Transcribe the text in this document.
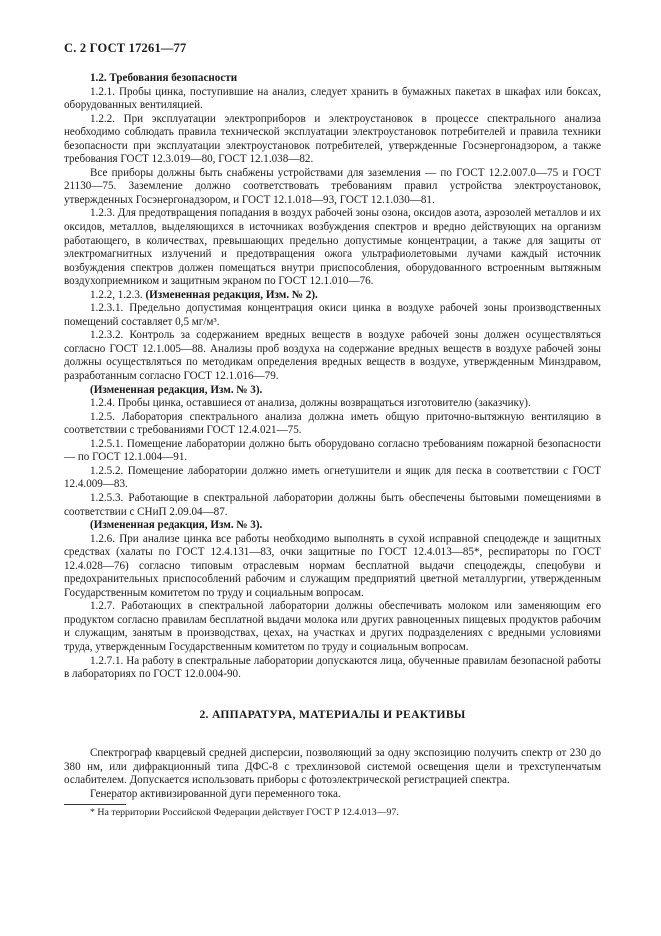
С. 2 ГОСТ 17261—77

1.2. Требования безопасности

1.2.1. Пробы цинка, поступившие на анализ, следует хранить в бумажных пакетах в шкафах или боксах, оборудованных вентиляцией.

1.2.2. При эксплуатации электроприборов и электроустановок в процессе спектрального анализа необходимо соблюдать правила технической эксплуатации электроустановок потребителей и правила техники безопасности при эксплуатации электроустановок потребителей, утвержденные Госэнергонадзором, а также требования ГОСТ 12.3.019—80, ГОСТ 12.1.038—82.

Все приборы должны быть снабжены устройствами для заземления — по ГОСТ 12.2.007.0—75 и ГОСТ 21130—75. Заземление должно соответствовать требованиям правил устройства электроустановок, утвержденных Госэнергонадзором, и ГОСТ 12.1.018—93, ГОСТ 12.1.030—81.

1.2.3. Для предотвращения попадания в воздух рабочей зоны озона, оксидов азота, аэрозолей металлов и их оксидов, металлов, выделяющихся в источниках возбуждения спектров и вредно действующих на организм работающего, в количествах, превышающих предельно допустимые концентрации, а также для защиты от электромагнитных излучений и предотвращения ожога ультрафиолетовыми лучами каждый источник возбуждения спектров должен помещаться внутри приспособления, оборудованного встроенным вытяжным воздухоприемником и защитным экраном по ГОСТ 12.1.010—76.

1.2.2, 1.2.3. (Измененная редакция, Изм. № 2).

1.2.3.1. Предельно допустимая концентрация окиси цинка в воздухе рабочей зоны производственных помещений составляет 0,5 мг/м³.

1.2.3.2. Контроль за содержанием вредных веществ в воздухе рабочей зоны должен осуществляться согласно ГОСТ 12.1.005—88. Анализы проб воздуха на содержание вредных веществ в воздухе рабочей зоны должны осуществляться по методикам определения вредных веществ в воздухе, утвержденным Минздравом, разработанным согласно ГОСТ 12.1.016—79.

(Измененная редакция, Изм. № 3).

1.2.4. Пробы цинка, оставшиеся от анализа, должны возвращаться изготовителю (заказчику).

1.2.5. Лаборатория спектрального анализа должна иметь общую приточно-вытяжную вентиляцию в соответствии с требованиями ГОСТ 12.4.021—75.

1.2.5.1. Помещение лаборатории должно быть оборудовано согласно требованиям пожарной безопасности — по ГОСТ 12.1.004—91.

1.2.5.2. Помещение лаборатории должно иметь огнетушители и ящик для песка в соответствии с ГОСТ 12.4.009—83.

1.2.5.3. Работающие в спектральной лаборатории должны быть обеспечены бытовыми помещениями в соответствии с СНиП 2.09.04—87.

(Измененная редакция, Изм. № 3).

1.2.6. При анализе цинка все работы необходимо выполнять в сухой исправной спецодежде и защитных средствах (халаты по ГОСТ 12.4.131—83, очки защитные по ГОСТ 12.4.013—85*, респираторы по ГОСТ 12.4.028—76) согласно типовым отраслевым нормам бесплатной выдачи спецодежды, спецобуви и предохранительных приспособлений рабочим и служащим предприятий цветной металлургии, утвержденным Государственным комитетом по труду и социальным вопросам.

1.2.7. Работающих в спектральной лаборатории должны обеспечивать молоком или заменяющим его продуктом согласно правилам бесплатной выдачи молока или других равноценных пищевых продуктов рабочим и служащим, занятым в производствах, цехах, на участках и других подразделениях с вредными условиями труда, утвержденным Государственным комитетом по труду и социальным вопросам.

1.2.7.1. На работу в спектральные лаборатории допускаются лица, обученные правилам безопасной работы в лабораториях по ГОСТ 12.0.004-90.

2. АППАРАТУРА, МАТЕРИАЛЫ И РЕАКТИВЫ

Спектрограф кварцевый средней дисперсии, позволяющий за одну экспозицию получить спектр от 230 до 380 нм, или дифракционный типа ДФС-8 с трехлинзовой системой освещения щели и трехступенчатым ослабителем. Допускается использовать приборы с фотоэлектрической регистрацией спектра.

Генератор активизированной дуги переменного тока.

* На территории Российской Федерации действует ГОСТ Р 12.4.013—97.
